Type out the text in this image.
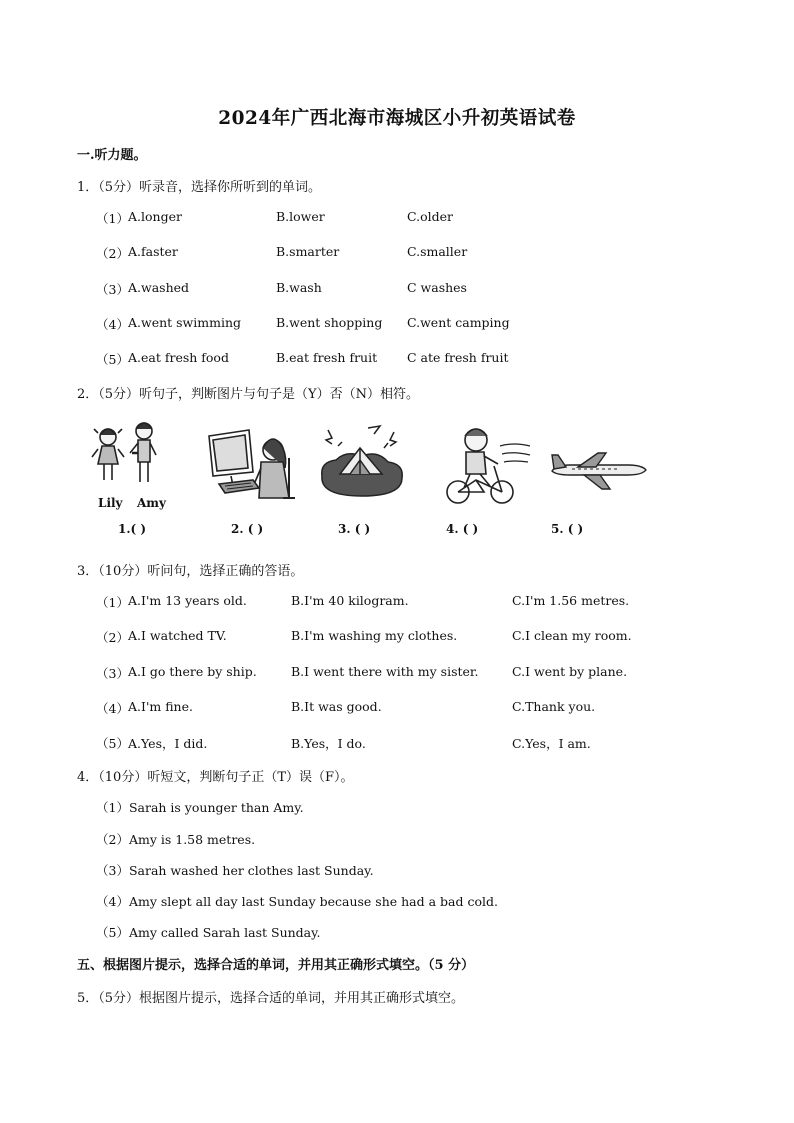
2024年广西北海市海城区小升初英语试卷
一.听力题。
1．（5分）听录音，选择你所听到的单词。
（1） A.longer	B.lower	C.older
（2） A.faster	B.smarter	C.smaller
（3） A.washed	B.wash	C washes
（4） A.went swimming	B.went shopping C.went camping
（5） A.eat fresh food	B.eat fresh fruit C ate fresh fruit
2．（5分）听句子，判断图片与句子是（Y）否（N）相符。
Lily Amy
1.( )	2. ( )	3. ( )	4. ( )	5. ( )
3．（10分）听问句，选择正确的答语。
（1） A.I'm 13 years old.	B.I'm 40 kilogram.	C.I'm 1.56 metres.
（2） A.I watched TV.	B.I'm washing my clothes.	C.I clean my room.
（3） A.I go there by ship.	B.I went there with my sister.	C.I went by plane.
（4） A.I'm fine.	B.It was good.	C.Thank you.
（5） A.Yes，I did.	B.Yes，I do.	C.Yes，I am.
4．（10分）听短文，判断句子正（T）误（F）。
（1）Sarah is younger than Amy.
（2）Amy is 1.58 metres.
（3）Sarah washed her clothes last Sunday.
（4）Amy slept all day last Sunday because she had a bad cold.
（5）Amy called Sarah last Sunday.
五、根据图片提示，选择合适的单词，并用其正确形式填空。（5 分）
5．（5分）根据图片提示，选择合适的单词，并用其正确形式填空。
